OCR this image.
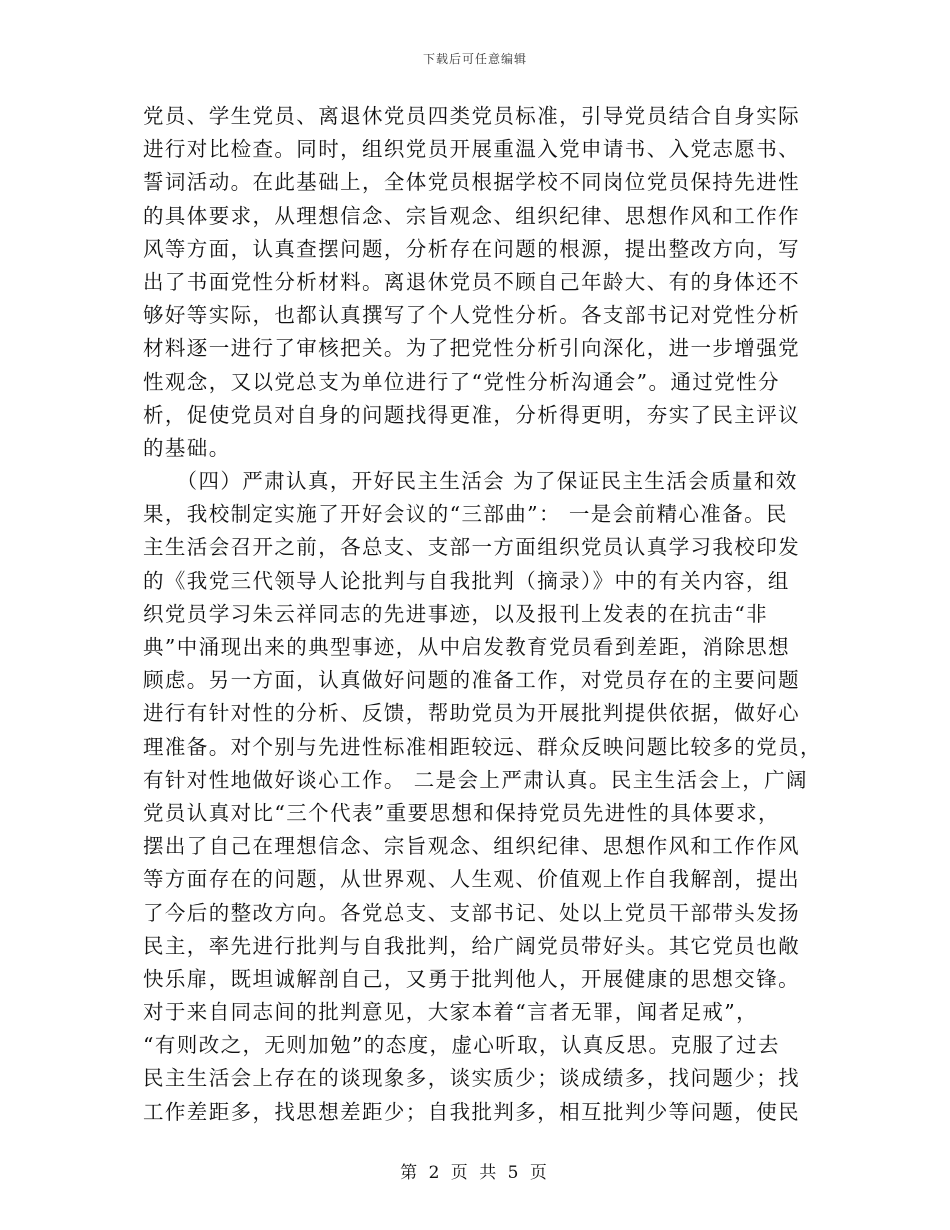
下载后可任意编辑
党员、学生党员、离退休党员四类党员标准，引导党员结合自身实际
进行对比检查。同时，组织党员开展重温入党申请书、入党志愿书、
誓词活动。在此基础上，全体党员根据学校不同岗位党员保持先进性
的具体要求，从理想信念、宗旨观念、组织纪律、思想作风和工作作
风等方面，认真查摆问题，分析存在问题的根源，提出整改方向，写
出了书面党性分析材料。离退休党员不顾自己年龄大、有的身体还不
够好等实际，也都认真撰写了个人党性分析。各支部书记对党性分析
材料逐一进行了审核把关。为了把党性分析引向深化，进一步增强党
性观念，又以党总支为单位进行了“党性分析沟通会”。通过党性分
析，促使党员对自身的问题找得更准，分析得更明，夯实了民主评议
的基础。
　　（四）严肃认真，开好民主生活会 为了保证民主生活会质量和效
果，我校制定实施了开好会议的“三部曲”： 一是会前精心准备。民
主生活会召开之前，各总支、支部一方面组织党员认真学习我校印发
的《我党三代领导人论批判与自我批判（摘录）》中的有关内容，组
织党员学习朱云祥同志的先进事迹，以及报刊上发表的在抗击“非
典”中涌现出来的典型事迹，从中启发教育党员看到差距，消除思想
顾虑。另一方面，认真做好问题的准备工作，对党员存在的主要问题
进行有针对性的分析、反馈，帮助党员为开展批判提供依据，做好心
理准备。对个别与先进性标准相距较远、群众反映问题比较多的党员，
有针对性地做好谈心工作。 二是会上严肃认真。民主生活会上，广阔
党员认真对比“三个代表”重要思想和保持党员先进性的具体要求，
摆出了自己在理想信念、宗旨观念、组织纪律、思想作风和工作作风
等方面存在的问题，从世界观、人生观、价值观上作自我解剖，提出
了今后的整改方向。各党总支、支部书记、处以上党员干部带头发扬
民主，率先进行批判与自我批判，给广阔党员带好头。其它党员也敞
快乐扉，既坦诚解剖自己，又勇于批判他人，开展健康的思想交锋。
对于来自同志间的批判意见，大家本着“言者无罪，闻者足戒”，
“有则改之，无则加勉”的态度，虚心听取，认真反思。克服了过去
民主生活会上存在的谈现象多，谈实质少；谈成绩多，找问题少；找
工作差距多，找思想差距少；自我批判多，相互批判少等问题，使民
第 2 页 共 5 页
